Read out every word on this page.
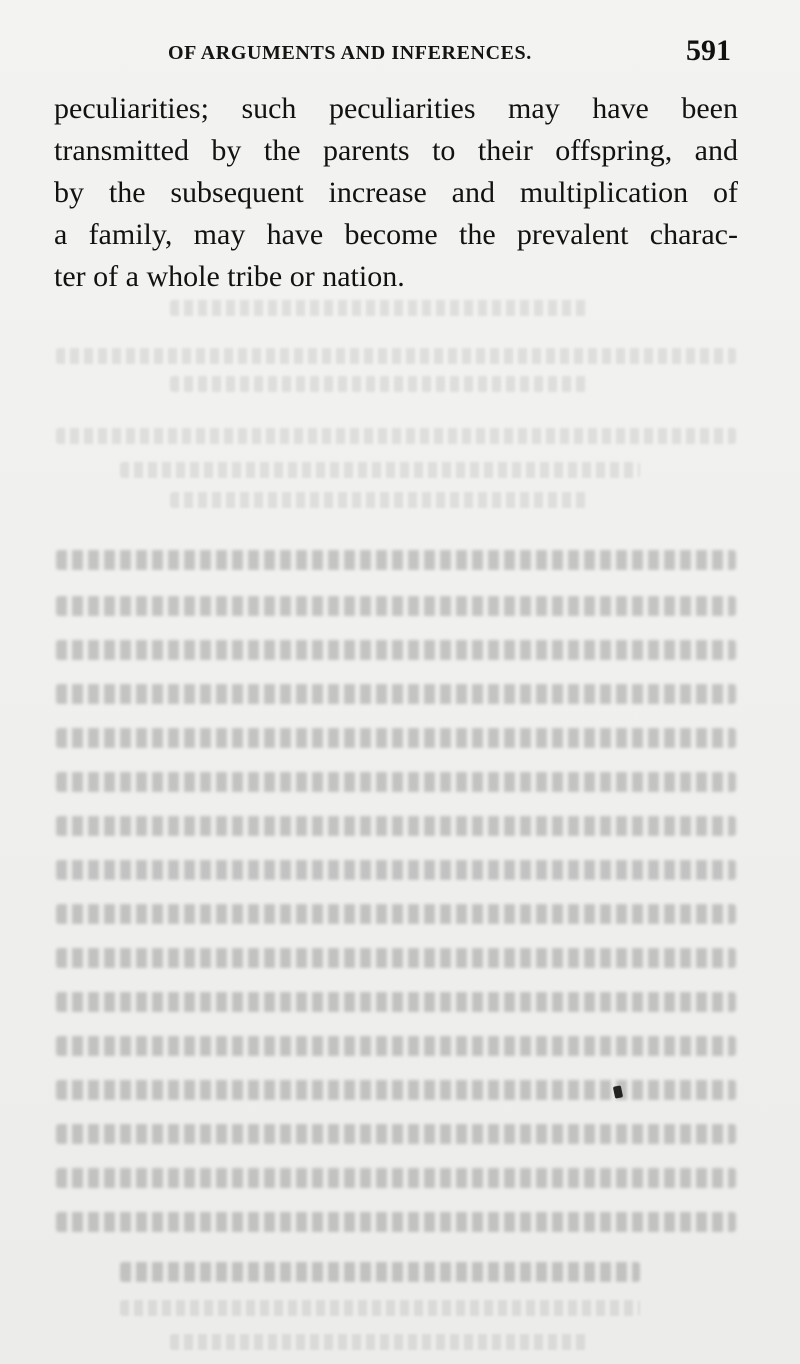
OF ARGUMENTS AND INFERENCES.	591
peculiarities; such peculiarities may have been
transmitted by the parents to their offspring, and
by the subsequent increase and multiplication of
a family, may have become the prevalent charac-
ter of a whole tribe or nation.
